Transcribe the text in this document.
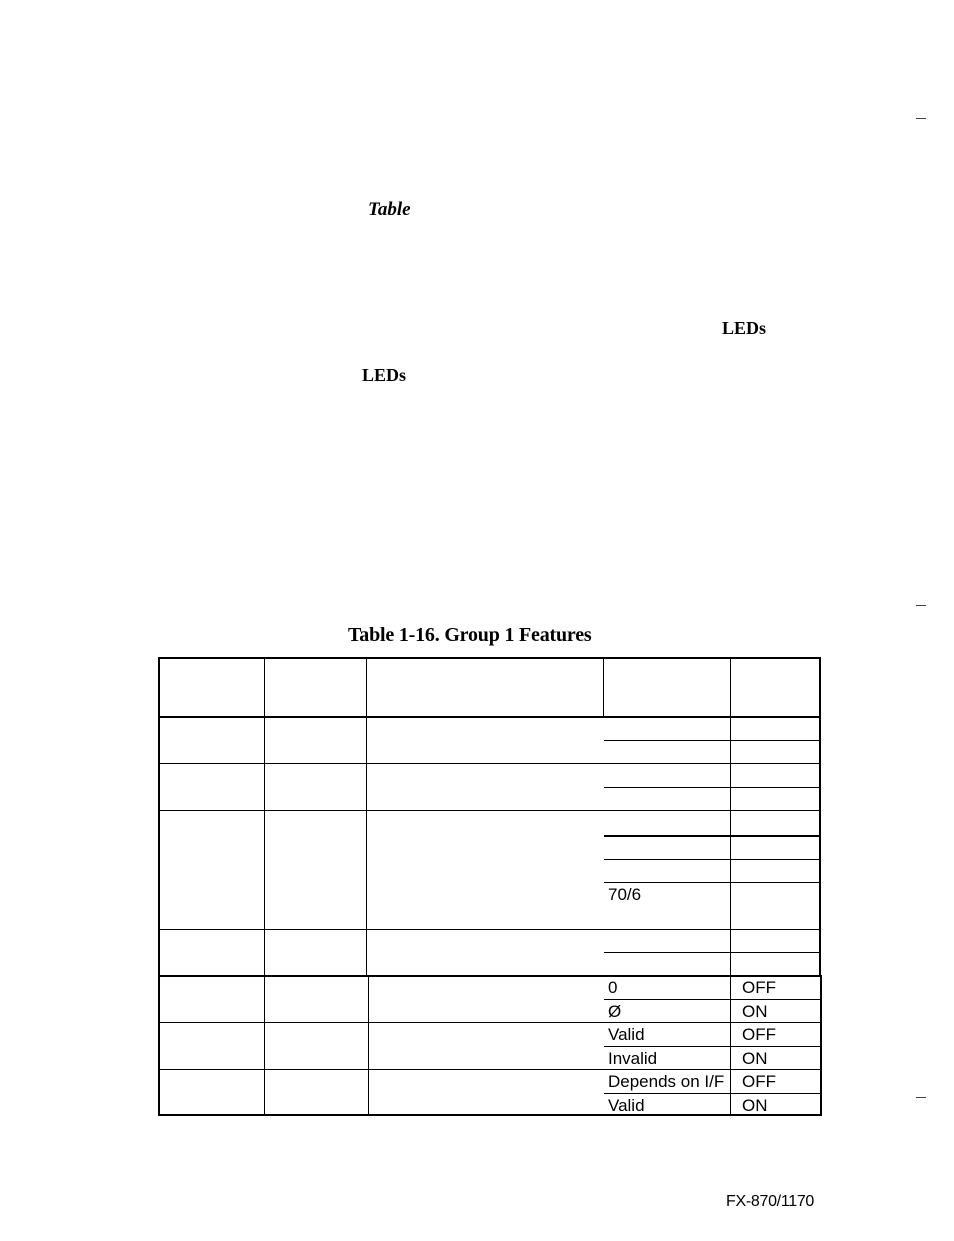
Table
LEDs
LEDs
Table 1-16. Group 1 Features
70/6
0	OFF
Ø	ON
Valid	OFF
Invalid	ON
Depends on I/F OFF
Valid	ON
FX-870/1170
